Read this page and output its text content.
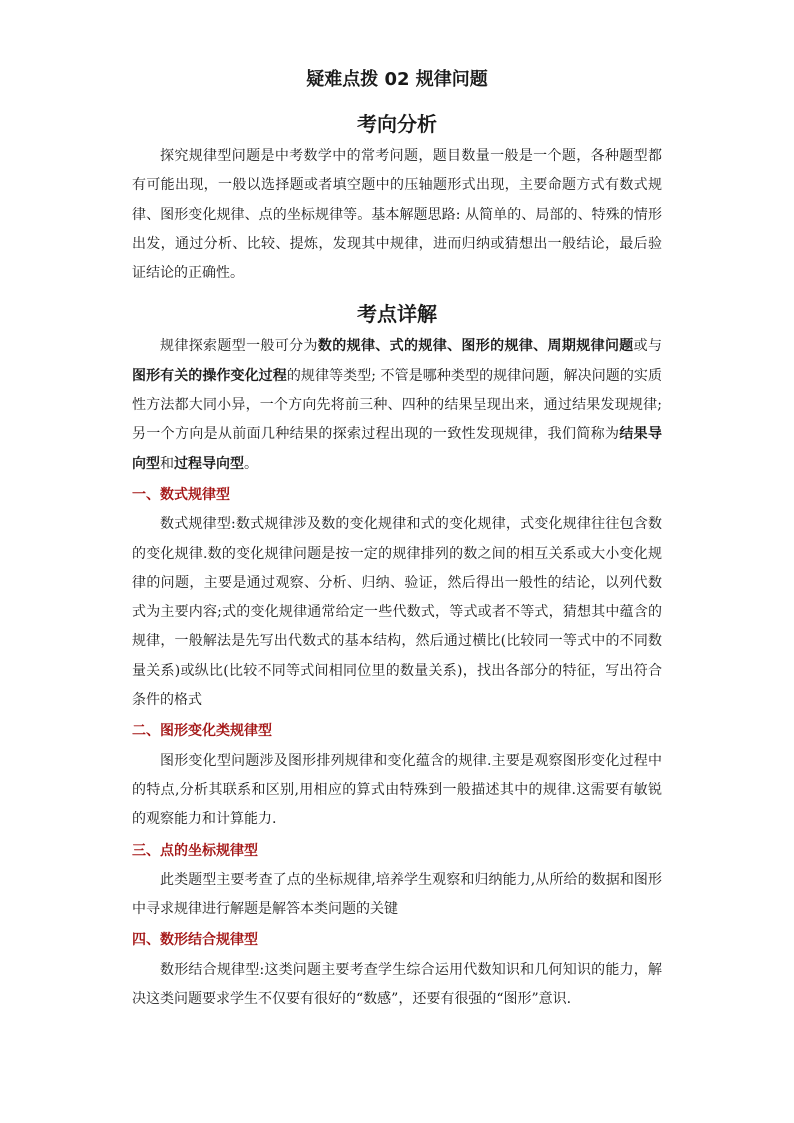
疑难点拨 02 规律问题
考向分析

探究规律型问题是中考数学中的常考问题，题目数量一般是一个题，各种题型都有可能出现，一般以选择题或者填空题中的压轴题形式出现，主要命题方式有数式规律、图形变化规律、点的坐标规律等。基本解题思路: 从简单的、局部的、特殊的情形出发，通过分析、比较、提炼，发现其中规律，进而归纳或猜想出一般结论，最后验证结论的正确性。

考点详解

规律探索题型一般可分为数的规律、式的规律、图形的规律、周期规律问题或与图形有关的操作变化过程的规律等类型; 不管是哪种类型的规律问题，解决问题的实质性方法都大同小异，一个方向先将前三种、四种的结果呈现出来，通过结果发现规律; 另一个方向是从前面几种结果的探索过程出现的一致性发现规律，我们简称为结果导向型和过程导向型。

一、数式规律型

数式规律型:数式规律涉及数的变化规律和式的变化规律，式变化规律往往包含数的变化规律.数的变化规律问题是按一定的规律排列的数之间的相互关系或大小变化规律的问题，主要是通过观察、分析、归纳、验证，然后得出一般性的结论，以列代数式为主要内容;式的变化规律通常给定一些代数式，等式或者不等式，猜想其中蕴含的规律，一般解法是先写出代数式的基本结构，然后通过横比(比较同一等式中的不同数量关系)或纵比(比较不同等式间相同位里的数量关系)，找出各部分的特征，写出符合条件的格式

二、图形变化类规律型

图形变化型问题涉及图形排列规律和变化蕴含的规律.主要是观察图形变化过程中的特点,分析其联系和区别,用相应的算式由特殊到一般描述其中的规律.这需要有敏锐的观察能力和计算能力.

三、点的坐标规律型

此类题型主要考查了点的坐标规律,培养学生观察和归纳能力,从所给的数据和图形中寻求规律进行解题是解答本类问题的关键

四、数形结合规律型

数形结合规律型:这类问题主要考查学生综合运用代数知识和几何知识的能力，解决这类问题要求学生不仅要有很好的“数感”，还要有很强的“图形”意识.
